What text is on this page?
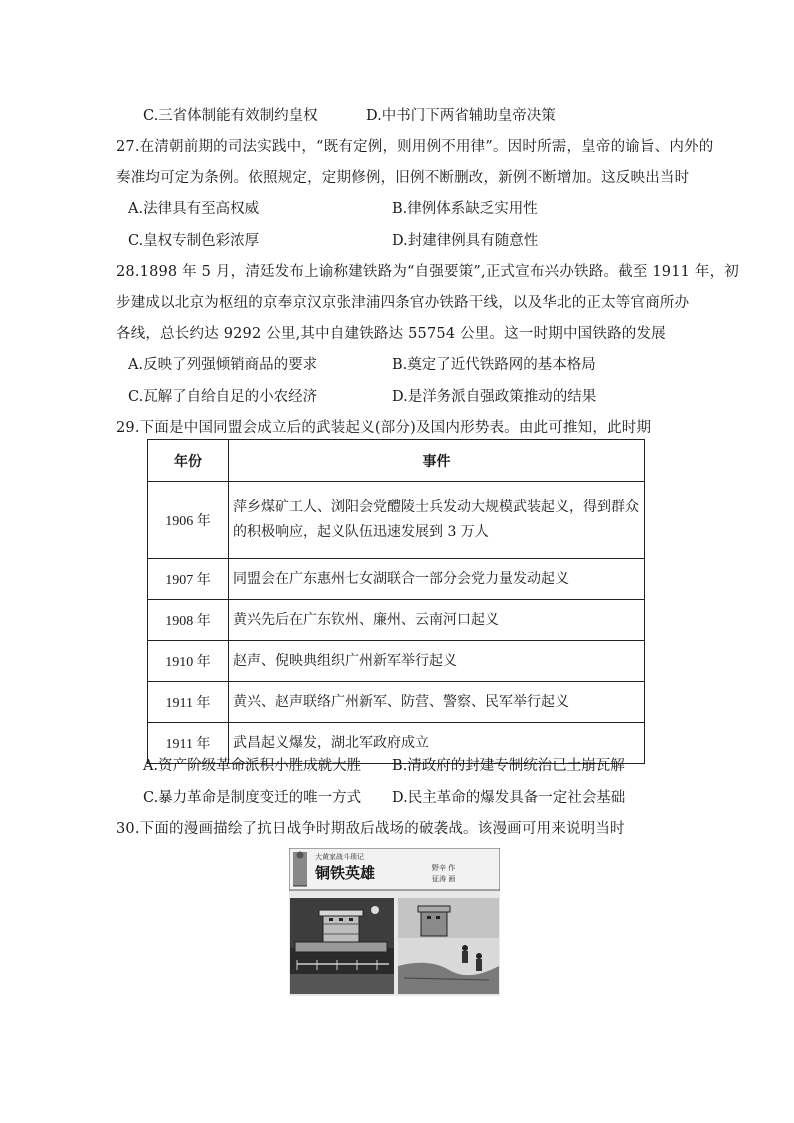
C.三省体制能有效制约皇权	D.中书门下两省辅助皇帝决策
27.在清朝前期的司法实践中，“既有定例，则用例不用律”。因时所需，皇帝的谕旨、内外的
奏准均可定为条例。依照规定，定期修例，旧例不断删改，新例不断增加。这反映出当时
A.法律具有至高权威	B.律例体系缺乏实用性
C.皇权专制色彩浓厚	D.封建律例具有随意性
28.1898 年 5 月，清廷发布上谕称建铁路为“自强要策”,正式宣布兴办铁路。截至 1911 年，初
步建成以北京为枢纽的京奉京汉京张津浦四条官办铁路干线，以及华北的正太等官商所办
各线，总长约达 9292 公里,其中自建铁路达 55754 公里。这一时期中国铁路的发展
A.反映了列强倾销商品的要求	B.奠定了近代铁路网的基本格局
C.瓦解了自给自足的小农经济	D.是洋务派自强政策推动的结果
29.下面是中国同盟会成立后的武装起义(部分)及国内形势表。由此可推知，此时期
年份	事件
1906 年	萍乡煤矿工人、浏阳会党醴陵士兵发动大规模武装起义，得到群众的积极响应，起义队伍迅速发展到 3 万人
1907 年	同盟会在广东惠州七女湖联合一部分会党力量发动起义
1908 年	黄兴先后在广东钦州、廉州、云南河口起义
1910 年	赵声、倪映典组织广州新军举行起义
1911 年	黄兴、赵声联络广州新军、防营、警察、民军举行起义
1911 年	武昌起义爆发，湖北军政府成立
A.资产阶级革命派积小胜成就大胜 B.清政府的封建专制统治已土崩瓦解
C.暴力革命是制度变迁的唯一方式 D.民主革命的爆发具备一定社会基础
30.下面的漫画描绘了抗日战争时期敌后战场的破袭战。该漫画可用来说明当时
大黄家战斗琐记
铜铁英雄	野辛 作
征涛 画
